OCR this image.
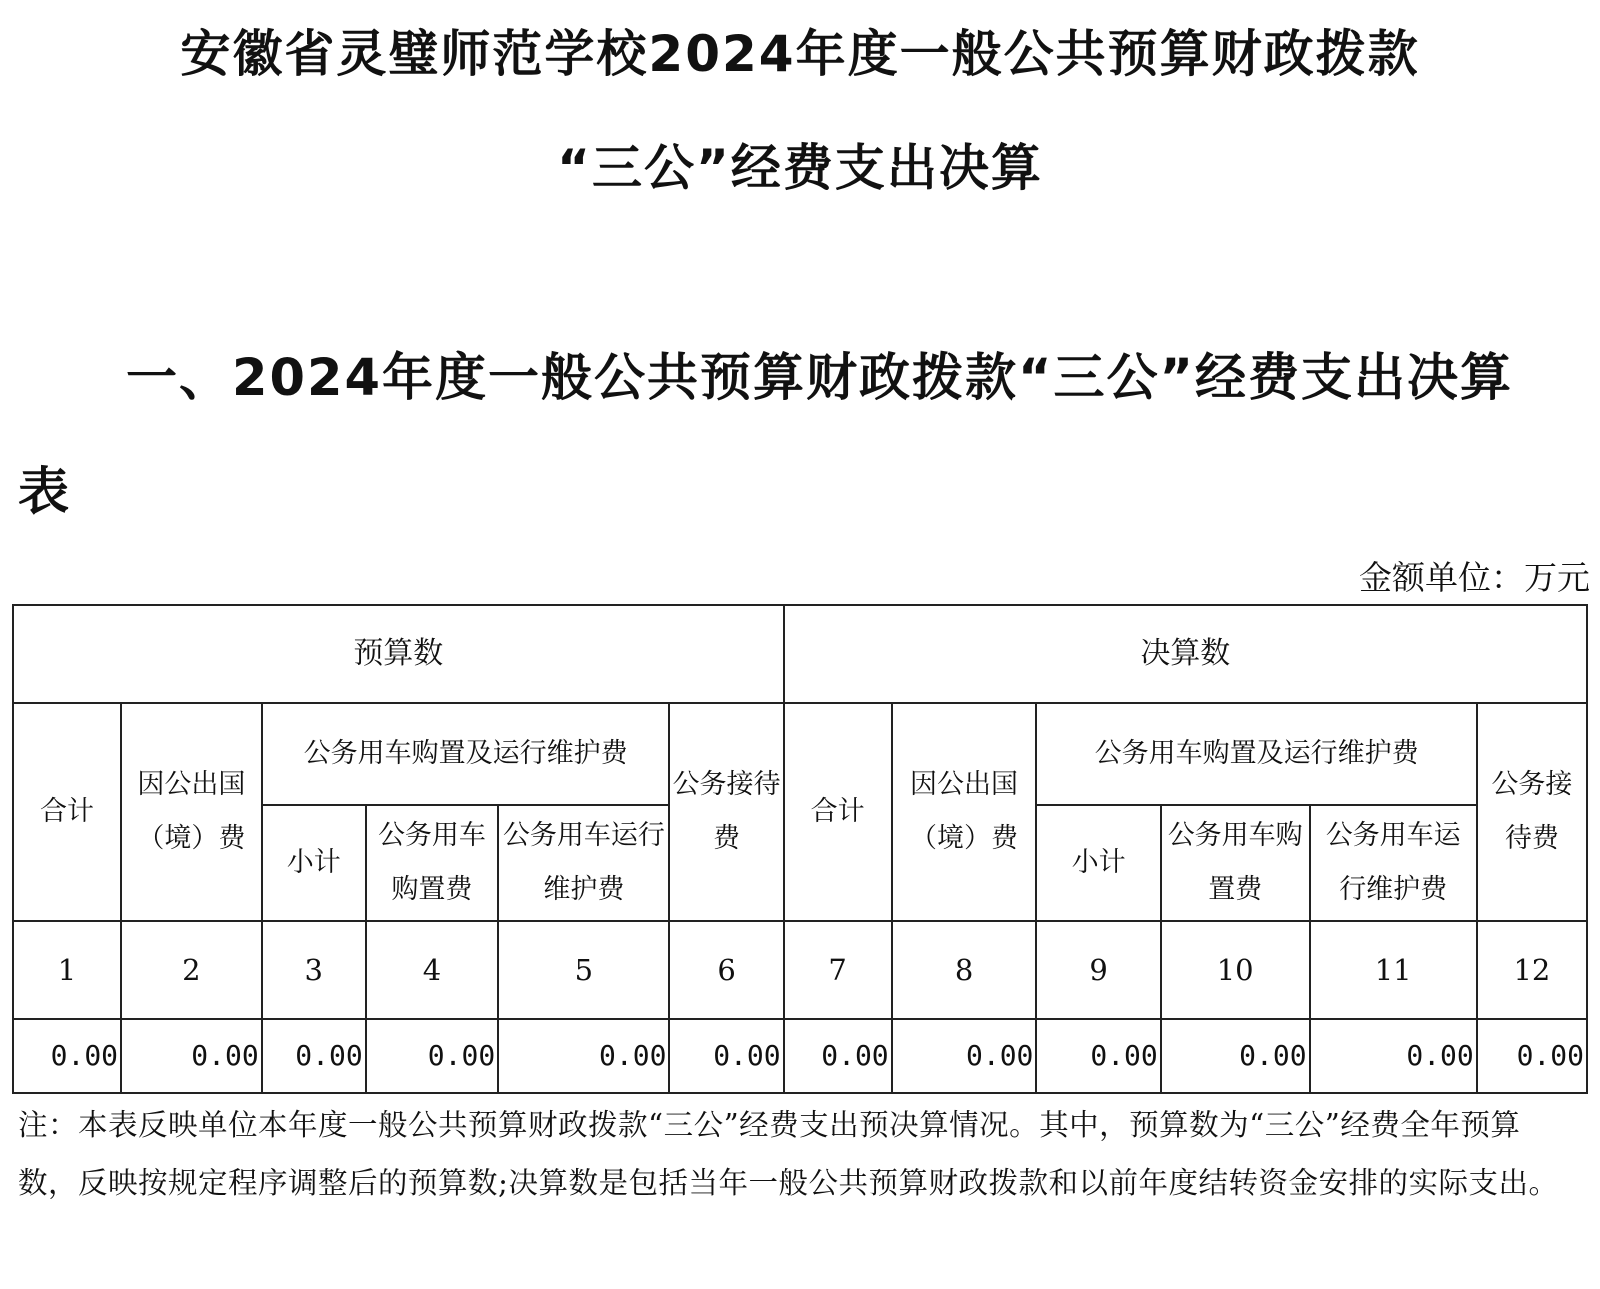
安徽省灵璧师范学校2024年度一般公共预算财政拨款
“三公”经费支出决算
一、2024年度一般公共预算财政拨款“三公”经费支出决算表
金额单位：万元
预算数						决算数					
合计	因公出国（境）费	公务用车购置及运行维护费			公务接待费	合计	因公出国（境）费	公务用车购置及运行维护费			公务接待费
		小计	公务用车购置费	公务用车运行维护费				小计	公务用车购置费	公务用车运行维护费	
1	2	3	4	5	6	7	8	9	10	11	12
0.00	0.00	0.00	0.00	0.00	0.00	0.00	0.00	0.00	0.00	0.00	0.00

注：本表反映单位本年度一般公共预算财政拨款“三公”经费支出预决算情况。其中，预算数为“三公”经费全年预算数，反映按规定程序调整后的预算数;决算数是包括当年一般公共预算财政拨款和以前年度结转资金安排的实际支出。
